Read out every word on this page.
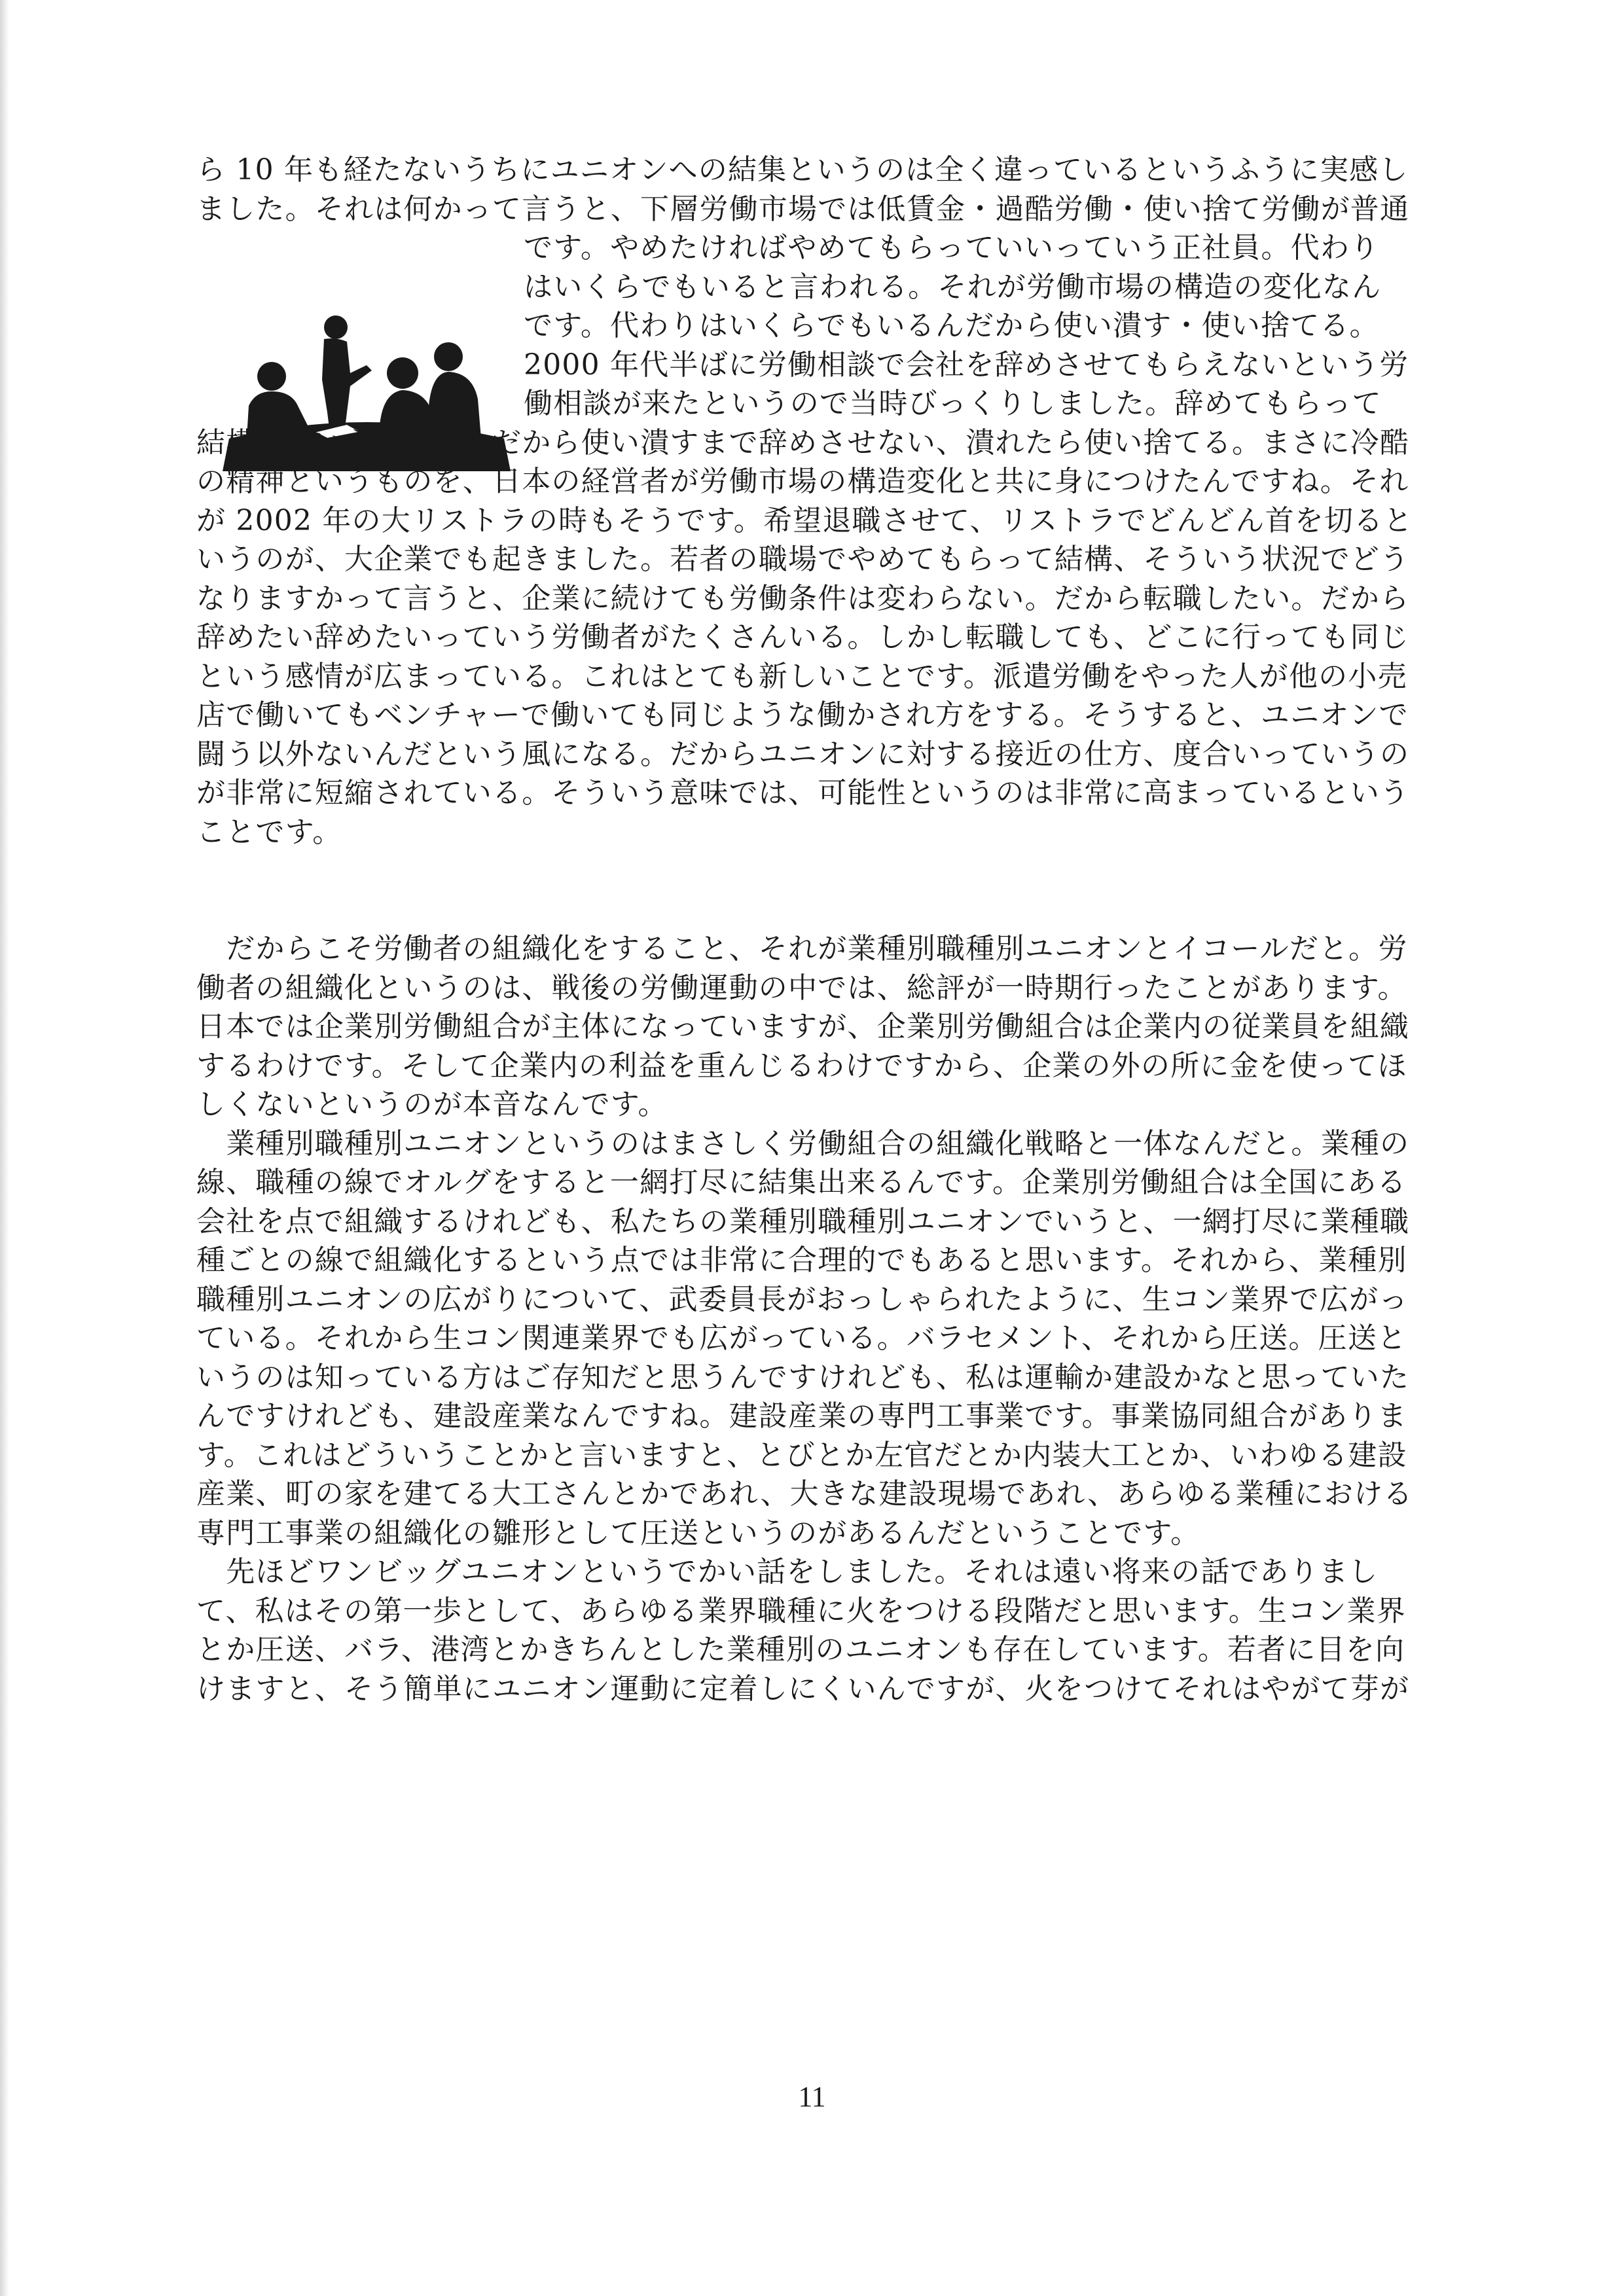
ら 10 年も経たないうちにユニオンへの結集というのは全く違っているというふうに実感し
ました。それは何かって言うと、下層労働市場では低賃金・過酷労働・使い捨て労働が普通
です。やめたければやめてもらっていいっていう正社員。代わり
はいくらでもいると言われる。それが労働市場の構造の変化なん
です。代わりはいくらでもいるんだから使い潰す・使い捨てる。
2000 年代半ばに労働相談で会社を辞めさせてもらえないという労
働相談が来たというので当時びっくりしました。辞めてもらって
結構っていうことと、だから使い潰すまで辞めさせない、潰れたら使い捨てる。まさに冷酷
の精神というものを、日本の経営者が労働市場の構造変化と共に身につけたんですね。それ
が 2002 年の大リストラの時もそうです。希望退職させて、リストラでどんどん首を切ると
いうのが、大企業でも起きました。若者の職場でやめてもらって結構、そういう状況でどう
なりますかって言うと、企業に続けても労働条件は変わらない。だから転職したい。だから
辞めたい辞めたいっていう労働者がたくさんいる。しかし転職しても、どこに行っても同じ
という感情が広まっている。これはとても新しいことです。派遣労働をやった人が他の小売
店で働いてもベンチャーで働いても同じような働かされ方をする。そうすると、ユニオンで
闘う以外ないんだという風になる。だからユニオンに対する接近の仕方、度合いっていうの
が非常に短縮されている。そういう意味では、可能性というのは非常に高まっているという
ことです。
　だからこそ労働者の組織化をすること、それが業種別職種別ユニオンとイコールだと。労
働者の組織化というのは、戦後の労働運動の中では、総評が一時期行ったことがあります。
日本では企業別労働組合が主体になっていますが、企業別労働組合は企業内の従業員を組織
するわけです。そして企業内の利益を重んじるわけですから、企業の外の所に金を使ってほ
しくないというのが本音なんです。
　業種別職種別ユニオンというのはまさしく労働組合の組織化戦略と一体なんだと。業種の
線、職種の線でオルグをすると一網打尽に結集出来るんです。企業別労働組合は全国にある
会社を点で組織するけれども、私たちの業種別職種別ユニオンでいうと、一網打尽に業種職
種ごとの線で組織化するという点では非常に合理的でもあると思います。それから、業種別
職種別ユニオンの広がりについて、武委員長がおっしゃられたように、生コン業界で広がっ
ている。それから生コン関連業界でも広がっている。バラセメント、それから圧送。圧送と
いうのは知っている方はご存知だと思うんですけれども、私は運輸か建設かなと思っていた
んですけれども、建設産業なんですね。建設産業の専門工事業です。事業協同組合がありま
す。これはどういうことかと言いますと、とびとか左官だとか内装大工とか、いわゆる建設
産業、町の家を建てる大工さんとかであれ、大きな建設現場であれ、あらゆる業種における
専門工事業の組織化の雛形として圧送というのがあるんだということです。
　先ほどワンビッグユニオンというでかい話をしました。それは遠い将来の話でありまし
て、私はその第一歩として、あらゆる業界職種に火をつける段階だと思います。生コン業界
とか圧送、バラ、港湾とかきちんとした業種別のユニオンも存在しています。若者に目を向
けますと、そう簡単にユニオン運動に定着しにくいんですが、火をつけてそれはやがて芽が
11
